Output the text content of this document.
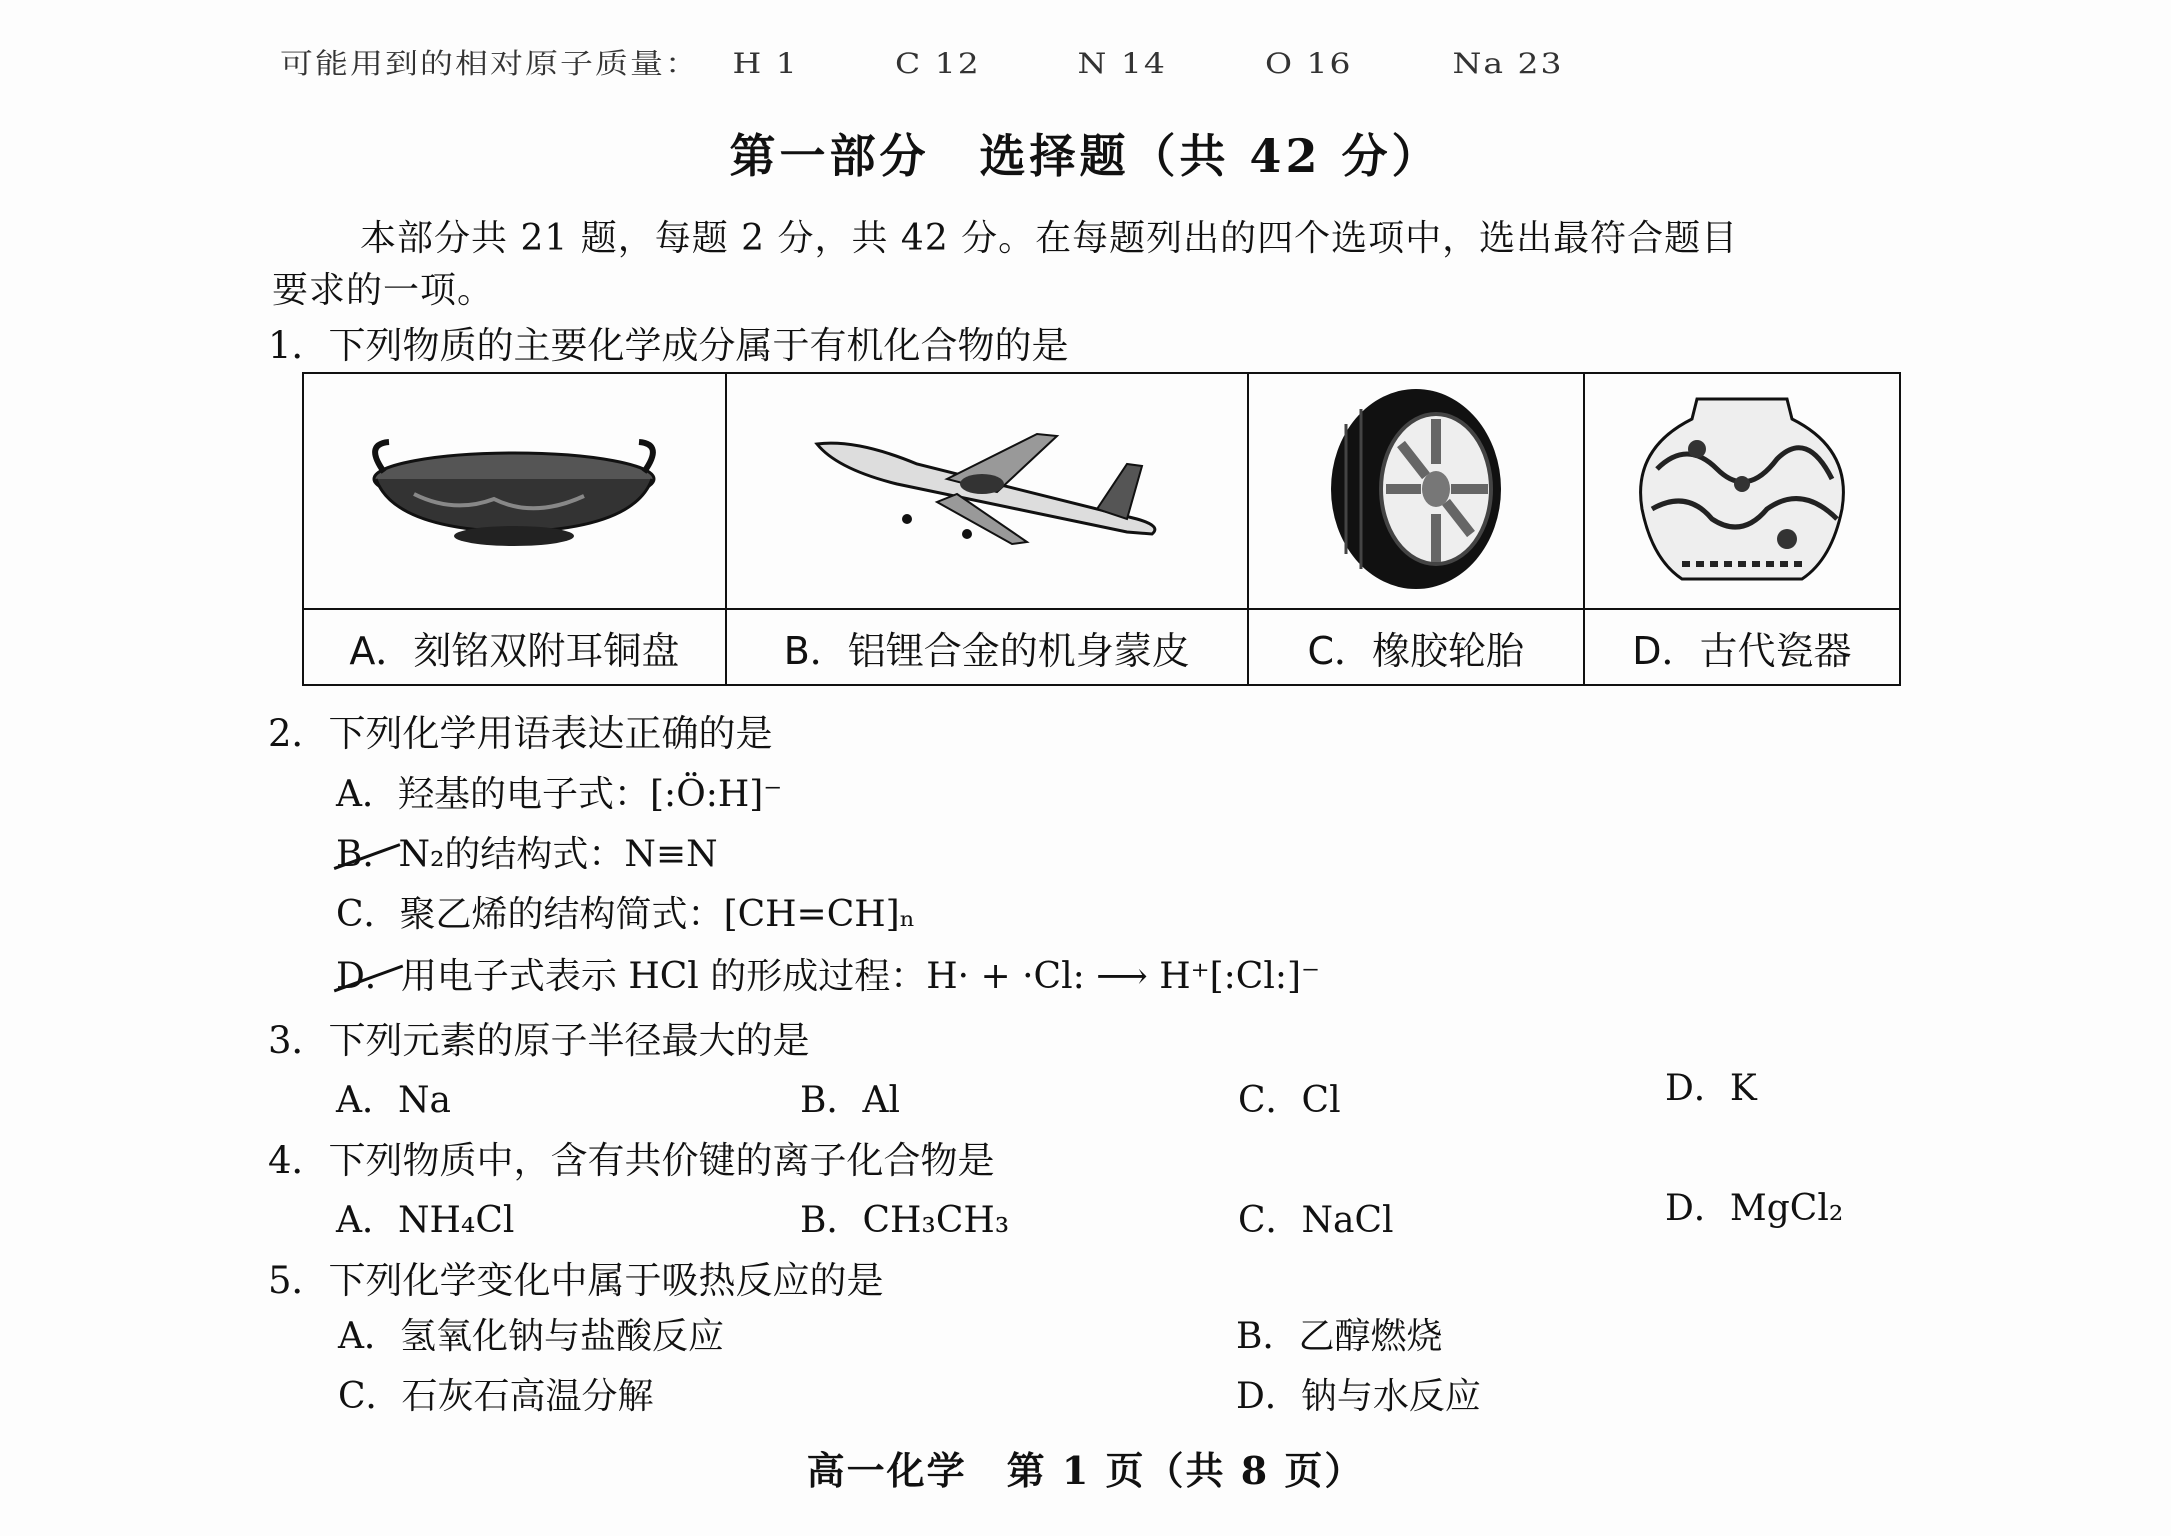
可能用到的相对原子质量： H 1	C 12	N 14	O 16	Na 23
第一部分　选择题（共 42 分）
本部分共 21 题，每题 2 分，共 42 分。在每题列出的四个选项中，选出最符合题目
要求的一项。
1．下列物质的主要化学成分属于有机化合物的是

A．刻铭双附耳铜盘	B．铝锂合金的机身蒙皮	C．橡胶轮胎	D．古代瓷器
2．下列化学用语表达正确的是
A．羟基的电子式：[:Ö:H]⁻
B．N₂的结构式：N≡N
C．聚乙烯的结构简式：[CH=CH]ₙ
D．用电子式表示 HCl 的形成过程：H· + ·Cl: ⟶ H⁺[:Cl:]⁻
3．下列元素的原子半径最大的是
A．Na	B．Al	C．Cl	D．K
4．下列物质中，含有共价键的离子化合物是
A．NH₄Cl	B．CH₃CH₃	C．NaCl	D．MgCl₂
5．下列化学变化中属于吸热反应的是
A．氢氧化钠与盐酸反应	B．乙醇燃烧
C．石灰石高温分解	D．钠与水反应
高一化学　第 1 页（共 8 页）
